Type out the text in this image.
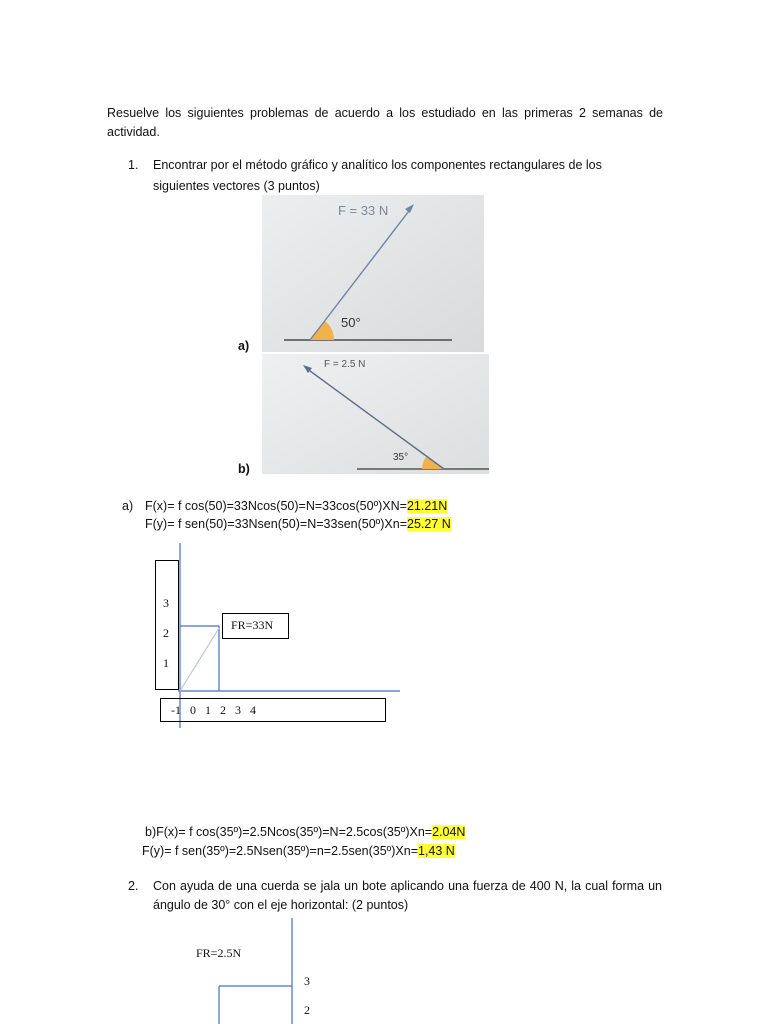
Resuelve los siguientes problemas de acuerdo a los estudiado en las primeras 2 semanas de
actividad.
1. Encontrar por el método gráfico y analítico los componentes rectangulares de los
siguientes vectores (3 puntos)
a)
F = 33 N
50°
b)
F = 2.5 N
35°
a) F(x)= f cos(50)=33Ncos(50)=N=33cos(50º)XN=21.21N
F(y)= f sen(50)=33Nsen(50)=N=33sen(50º)Xn=25.27 N
3
2
1
FR=33N
-1   0   1   2   3   4
b)F(x)= f cos(35º)=2.5Ncos(35º)=N=2.5cos(35º)Xn=2.04N
F(y)= f sen(35º)=2.5Nsen(35º)=n=2.5sen(35º)Xn=1,43 N
2. Con ayuda de una cuerda se jala un bote aplicando una fuerza de 400 N, la cual forma un
ángulo de 30° con el eje horizontal: (2 puntos)
FR=2.5N
3
2
